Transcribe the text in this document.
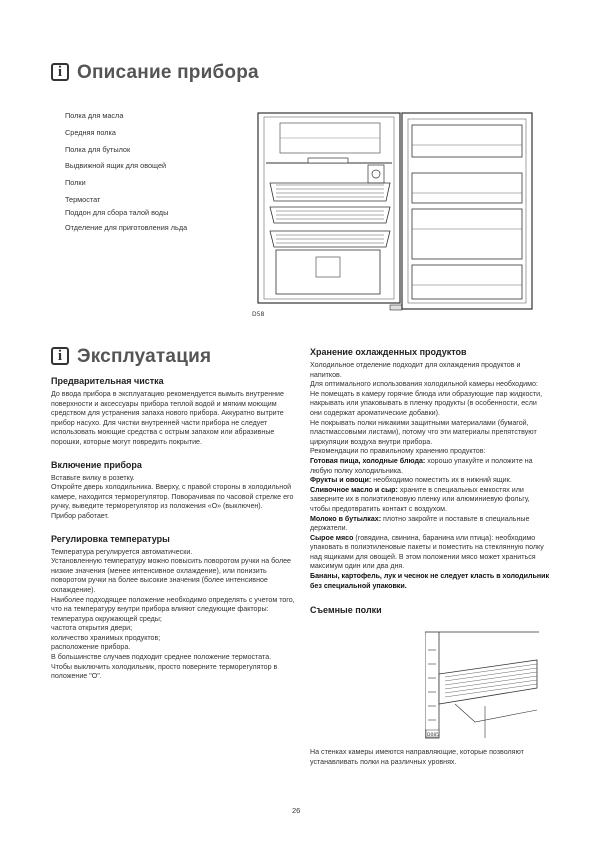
i Описание прибора
Полка для масла
Средняя полка
Полка для бутылок
Выдвижной ящик для овощей
Полки
Термостат
Поддон для сбора талой воды
Отделение для приготовления льда
D58
i Эксплуатация
Предварительная чистка

До ввода прибора в эксплуатацию рекомендуется вымыть внутренние поверхности и аксессуары прибора теплой водой и мягким моющим средством для устранения запаха нового прибора. Аккуратно вытрите прибор насухо. Для чистки внутренней части прибора не следует использовать моющие средства с острым запахом или абразивные порошки, которые могут повредить покрытие.

Включение прибора

Вставьте вилку в розетку.

Откройте дверь холодильника. Вверху, с правой стороны в холодильной камере, находится терморегулятор. Поворачивая по часовой стрелке его ручку, выведите терморегулятор из положения «O» (выключен).

Прибор работает.

Регулировка температуры

Температура регулируется автоматически.

Установленную температуру можно повысить поворотом ручки на более низкие значения (менее интенсивное охлаждение), или понизить поворотом ручки на более высокие значения (более интенсивное охлаждение).

Наиболее подходящее положение необходимо определять с учетом того, что на температуру внутри прибора влияют следующие факторы:

температура окружающей среды;

частота открытия двери;

количество хранимых продуктов;

расположение прибора.

В большинстве случаев подходит среднее положение термостата.

Чтобы выключить холодильник, просто поверните терморегулятор в положение "O".

Хранение охлажденных продуктов

Холодильное отделение подходит для охлаждения продуктов и напитков.

Для оптимального использования холодильной камеры необходимо:

Не помещать в камеру горячие блюда или образующие пар жидкости, накрывать или упаковывать в пленку продукты (в особенности, если они содержат ароматические добавки).

Не покрывать полки никакими защитными материалами (бумагой, пластмассовыми листами), потому что эти материалы препятствуют циркуляции воздуха внутри прибора.

Рекомендации по правильному хранению продуктов:

Готовая пища, холодные блюда: хорошо упакуйте и положите на любую полку холодильника.

Фрукты и овощи: необходимо поместить их в нижний ящик.

Сливочное масло и сыр: храните в специальных емкостях или заверните их в полиэтиленовую пленку или алюминиевую фольгу, чтобы предотвратить контакт с воздухом.

Молоко в бутылках: плотно закройте и поставьте в специальные держатели.

Сырое мясо (говядина, свинина, баранина или птица): необходимо упаковать в полиэтиленовые пакеты и поместить на стеклянную полку над ящиками для овощей. В этом положении мясо может храниться максимум один или два дня.

Бананы, картофель, лук и чеснок не следует класть в холодильник без специальной упаковки.

Съемные полки
D085
На стенках камеры имеются направляющие, которые позволяют устанавливать полки на различных уровнях.
26
